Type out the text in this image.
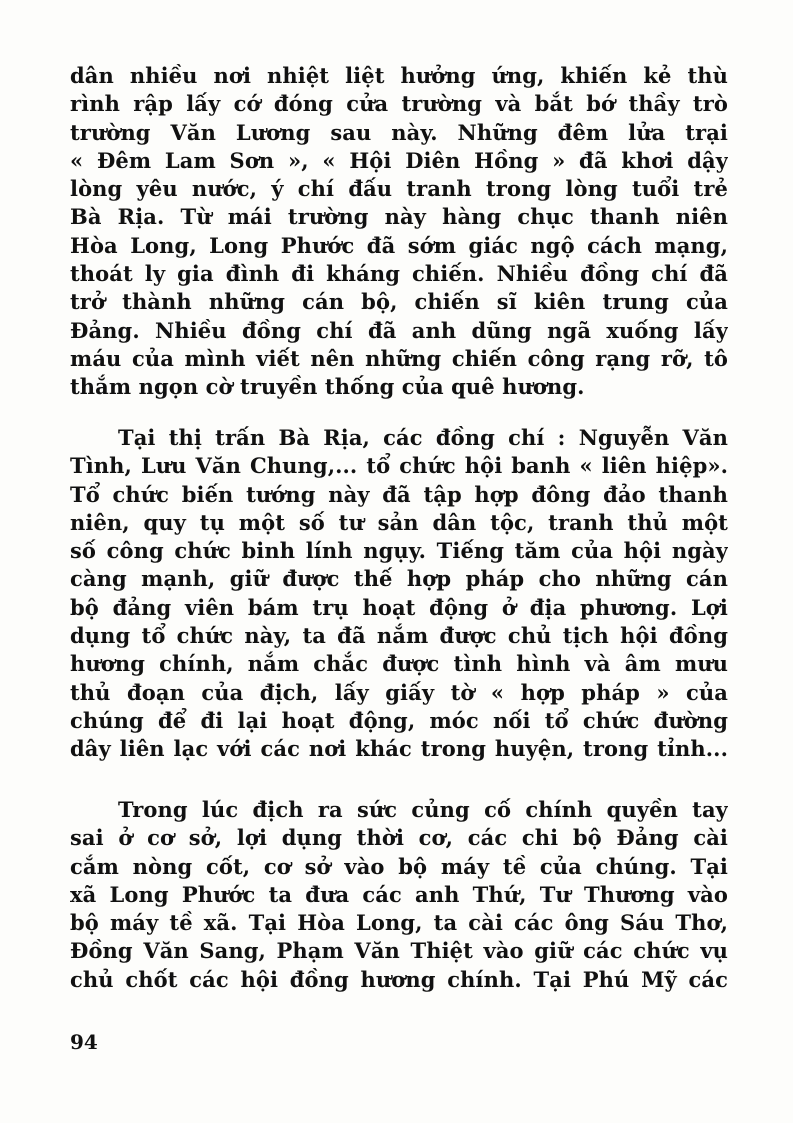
dân nhiều nơi nhiệt liệt hưởng ứng, khiến kẻ thù
rình rập lấy cớ đóng cửa trường và bắt bớ thầy trò
trường Văn Lương sau này. Những đêm lửa trại
« Đêm Lam Sơn », « Hội Diên Hồng » đã khơi dậy
lòng yêu nước, ý chí đấu tranh trong lòng tuổi trẻ
Bà Rịa. Từ mái trường này hàng chục thanh niên
Hòa Long, Long Phước đã sớm giác ngộ cách mạng,
thoát ly gia đình đi kháng chiến. Nhiều đồng chí đã
trở thành những cán bộ, chiến sĩ kiên trung của
Đảng. Nhiều đồng chí đã anh dũng ngã xuống lấy
máu của mình viết nên những chiến công rạng rỡ, tô
thắm ngọn cờ truyền thống của quê hương.
Tại thị trấn Bà Rịa, các đồng chí : Nguyễn Văn
Tình, Lưu Văn Chung,... tổ chức hội banh « liên hiệp».
Tổ chức biến tướng này đã tập hợp đông đảo thanh
niên, quy tụ một số tư sản dân tộc, tranh thủ một
số công chức binh lính ngụy. Tiếng tăm của hội ngày
càng mạnh, giữ được thế hợp pháp cho những cán
bộ đảng viên bám trụ hoạt động ở địa phương. Lợi
dụng tổ chức này, ta đã nắm được chủ tịch hội đồng
hương chính, nắm chắc được tình hình và âm mưu
thủ đoạn của địch, lấy giấy tờ « hợp pháp » của
chúng để đi lại hoạt động, móc nối tổ chức đường
dây liên lạc với các nơi khác trong huyện, trong tỉnh...
Trong lúc địch ra sức củng cố chính quyền tay
sai ở cơ sở, lợi dụng thời cơ, các chi bộ Đảng cài
cắm nòng cốt, cơ sở vào bộ máy tề của chúng. Tại
xã Long Phước ta đưa các anh Thứ, Tư Thương vào
bộ máy tề xã. Tại Hòa Long, ta cài các ông Sáu Thơ,
Đồng Văn Sang, Phạm Văn Thiệt vào giữ các chức vụ
chủ chốt các hội đồng hương chính. Tại Phú Mỹ các
94
